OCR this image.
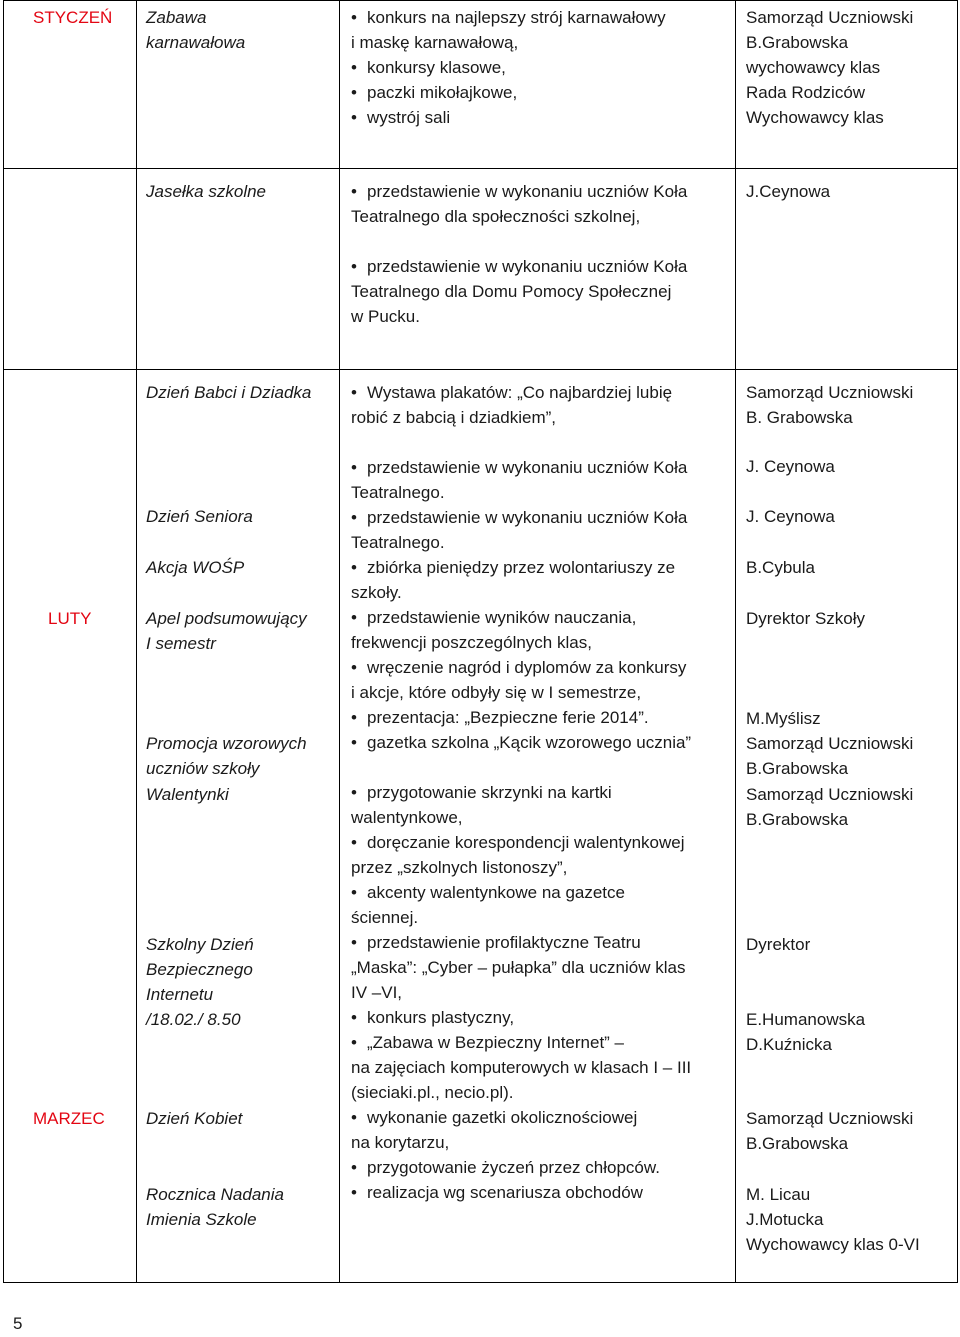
STYCZEŃ
LUTY
MARZEC
Zabawa
karnawałowa
• konkurs na najlepszy strój karnawałowy
i maskę karnawałową,
• konkursy klasowe,
• paczki mikołajkowe,
• wystrój sali
Samorząd Uczniowski
B.Grabowska
wychowawcy klas
Rada Rodziców
Wychowawcy klas
Jasełka szkolne
•	przedstawienie w wykonaniu uczniów Koła
Teatralnego dla społeczności szkolnej,
• przedstawienie w wykonaniu uczniów Koła
Teatralnego dla Domu Pomocy Społecznej
w Pucku.
J.Ceynowa
Dzień Babci i Dziadka
Dzień Seniora
Akcja WOŚP
Apel podsumowujący
I semestr
Promocja wzorowych
uczniów szkoły
Walentynki
Szkolny Dzień
Bezpiecznego
Internetu
/18.02./ 8.50
Dzień Kobiet
Rocznica Nadania
Imienia Szkole
• Wystawa plakatów: „Co najbardziej lubię
robić z babcią i dziadkiem”,
• przedstawienie w wykonaniu uczniów Koła
Teatralnego.
• przedstawienie w wykonaniu uczniów Koła
Teatralnego.
• zbiórka pieniędzy przez wolontariuszy ze
szkoły.
• przedstawienie wyników nauczania,
frekwencji poszczególnych klas,
• wręczenie nagród i dyplomów za konkursy
i akcje, które odbyły się w I semestrze,
• prezentacja: „Bezpieczne ferie 2014”.
• gazetka szkolna „Kącik wzorowego ucznia”
• przygotowanie skrzynki na kartki
walentynkowe,
• doręczanie korespondencji walentynkowej
przez „szkolnych listonoszy”,
• akcenty walentynkowe na gazetce
ściennej.
• przedstawienie profilaktyczne Teatru
„Maska”: „Cyber – pułapka” dla uczniów klas
IV –VI,
• konkurs plastyczny,
• „Zabawa w Bezpieczny Internet” –
na zajęciach komputerowych w klasach I – III
(sieciaki.pl., necio.pl).
• wykonanie gazetki okolicznościowej
na korytarzu,
• przygotowanie życzeń przez chłopców.
• realizacja wg scenariusza obchodów
Samorząd Uczniowski
B. Grabowska
J. Ceynowa
J. Ceynowa
B.Cybula
Dyrektor Szkoły
M.Myślisz
Samorząd Uczniowski
B.Grabowska
Samorząd Uczniowski
B.Grabowska
Dyrektor
E.Humanowska
D.Kuźnicka
Samorząd Uczniowski
B.Grabowska
M. Licau
J.Motucka
Wychowawcy klas 0-VI
5
